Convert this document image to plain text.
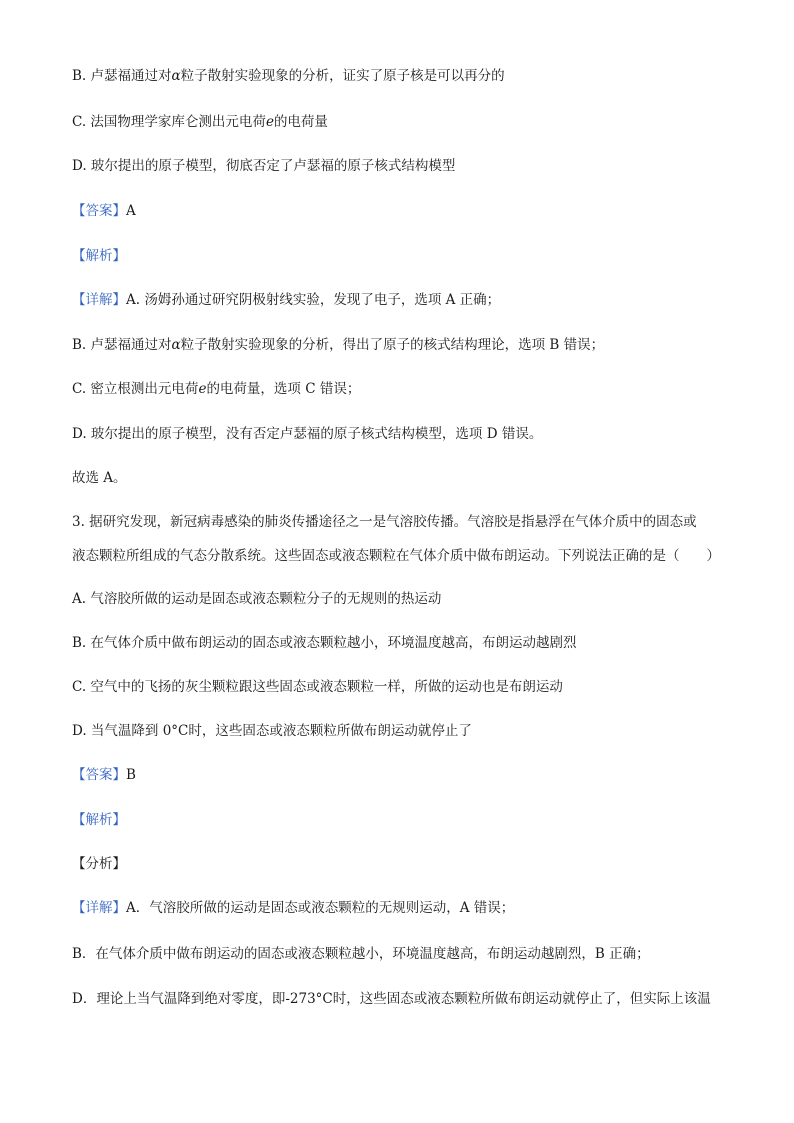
B. 卢瑟福通过对α粒子散射实验现象的分析，证实了原子核是可以再分的
C. 法国物理学家库仑测出元电荷e的电荷量
D. 玻尔提出的原子模型，彻底否定了卢瑟福的原子核式结构模型
【答案】A
【解析】
【详解】A. 汤姆孙通过研究阴极射线实验，发现了电子，选项 A 正确；
B. 卢瑟福通过对α粒子散射实验现象的分析，得出了原子的核式结构理论，选项 B 错误；
C. 密立根测出元电荷e的电荷量，选项 C 错误；
D. 玻尔提出的原子模型，没有否定卢瑟福的原子核式结构模型，选项 D 错误。
故选 A。
3. 据研究发现，新冠病毒感染的肺炎传播途径之一是气溶胶传播。气溶胶是指悬浮在气体介质中的固态或
液态颗粒所组成的气态分散系统。这些固态或液态颗粒在气体介质中做布朗运动。下列说法正确的是（　　）
A. 气溶胶所做的运动是固态或液态颗粒分子的无规则的热运动
B. 在气体介质中做布朗运动的固态或液态颗粒越小，环境温度越高，布朗运动越剧烈
C. 空气中的飞扬的灰尘颗粒跟这些固态或液态颗粒一样，所做的运动也是布朗运动
D. 当气温降到 0°C时，这些固态或液态颗粒所做布朗运动就停止了
【答案】B
【解析】
【分析】
【详解】A．气溶胶所做的运动是固态或液态颗粒的无规则运动，A 错误；
B．在气体介质中做布朗运动的固态或液态颗粒越小，环境温度越高，布朗运动越剧烈，B 正确；
D．理论上当气温降到绝对零度，即-273°C时，这些固态或液态颗粒所做布朗运动就停止了，但实际上该温
